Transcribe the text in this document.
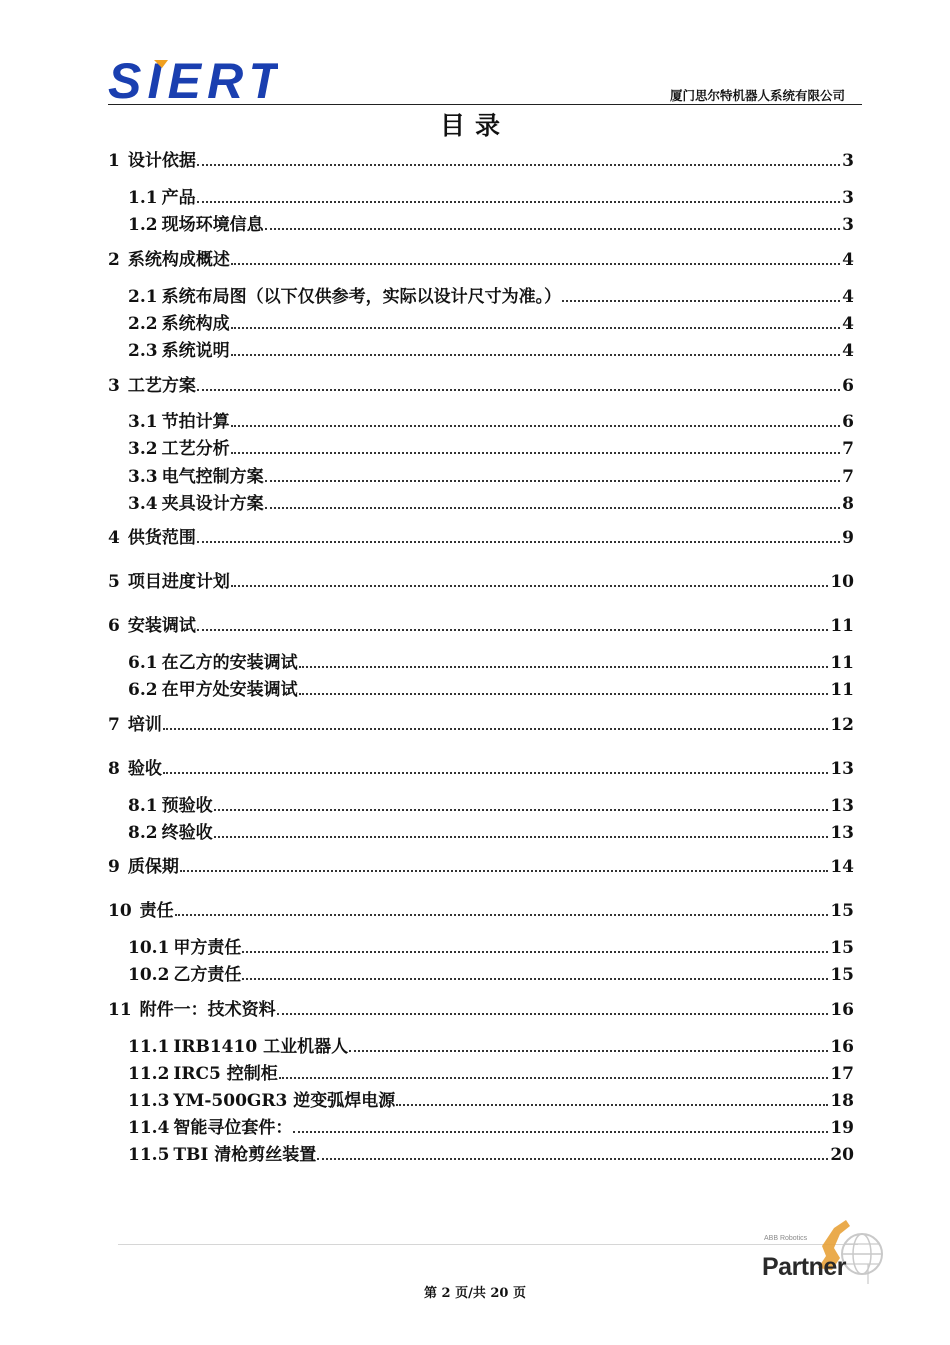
SIERT	厦门思尔特机器人系统有限公司
目录
1 设计依据	3
1.1 产品	3
1.2 现场环境信息	3
2 系统构成概述	4
2.1 系统布局图（以下仅供参考，实际以设计尺寸为准。）	4
2.2 系统构成	4
2.3 系统说明	4
3 工艺方案	6
3.1 节拍计算	6
3.2 工艺分析	7
3.3 电气控制方案	7
3.4 夹具设计方案	8
4 供货范围	9
5 项目进度计划	10
6 安装调试	11
6.1 在乙方的安装调试	11
6.2 在甲方处安装调试	11
7 培训	12
8 验收	13
8.1 预验收	13
8.2 终验收	13
9 质保期	14
10 责任	15
10.1 甲方责任	15
10.2 乙方责任	15
11 附件一：技术资料	16
11.1 IRB1410 工业机器人	16
11.2 IRC5 控制柜	17
11.3 YM-500GR3 逆变弧焊电源	18
11.4 智能寻位套件：	19
11.5 TBI 清枪剪丝装置	20
ABB Robotics
Partner
第 2 页/共 20 页
